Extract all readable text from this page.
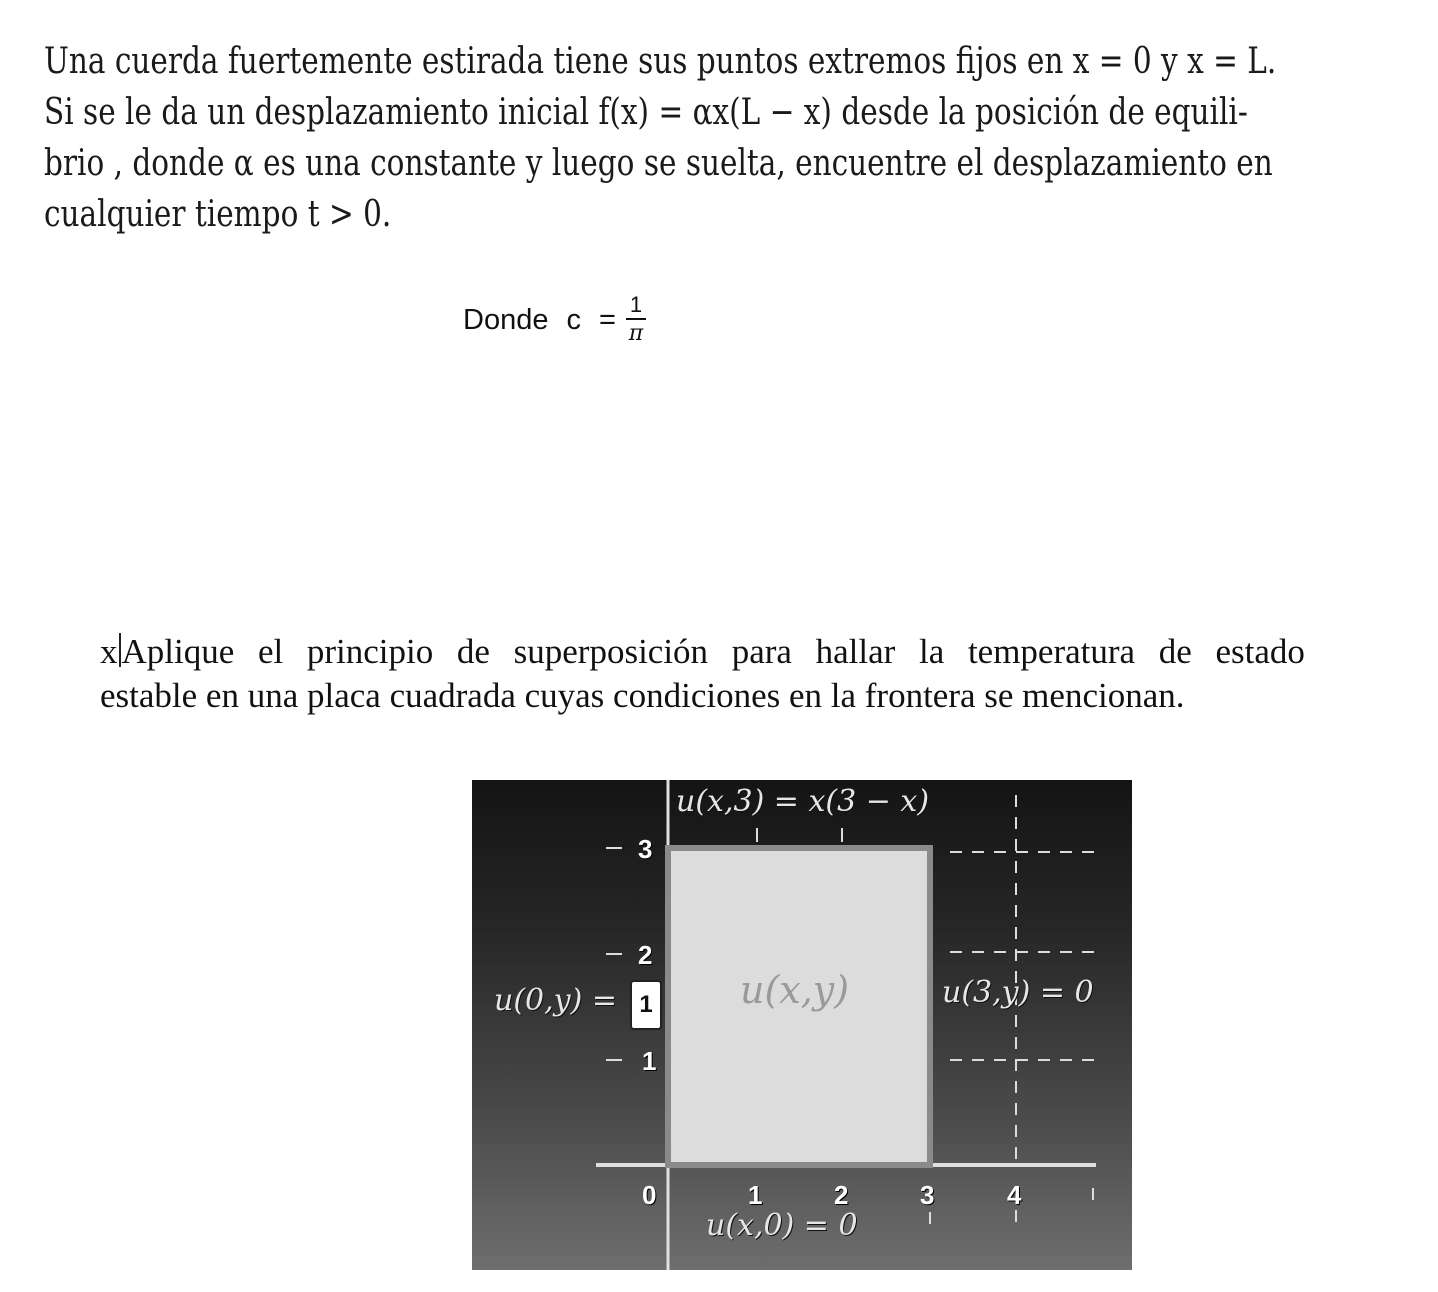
Una cuerda fuertemente estirada tiene sus puntos extremos fijos en x = 0 y x = L.
Si se le da un desplazamiento inicial f(x) = αx(L − x) desde la posición de equili-
brio , donde α es una constante y luego se suelta, encuentre el desplazamiento en
cualquier tiempo t > 0.
Donde $c = \frac{1}{\pi}$
x Aplique el principio de superposición para hallar la temperatura de estado
estable en una placa cuadrada cuyas condiciones en la frontera se mencionan.
u(x,3) = x(3 − x)
u(0,y) = 1	u(3,y) = 0
u(x,0) = 0
u(x,y)
3
2
1
0	1	2	3	4
